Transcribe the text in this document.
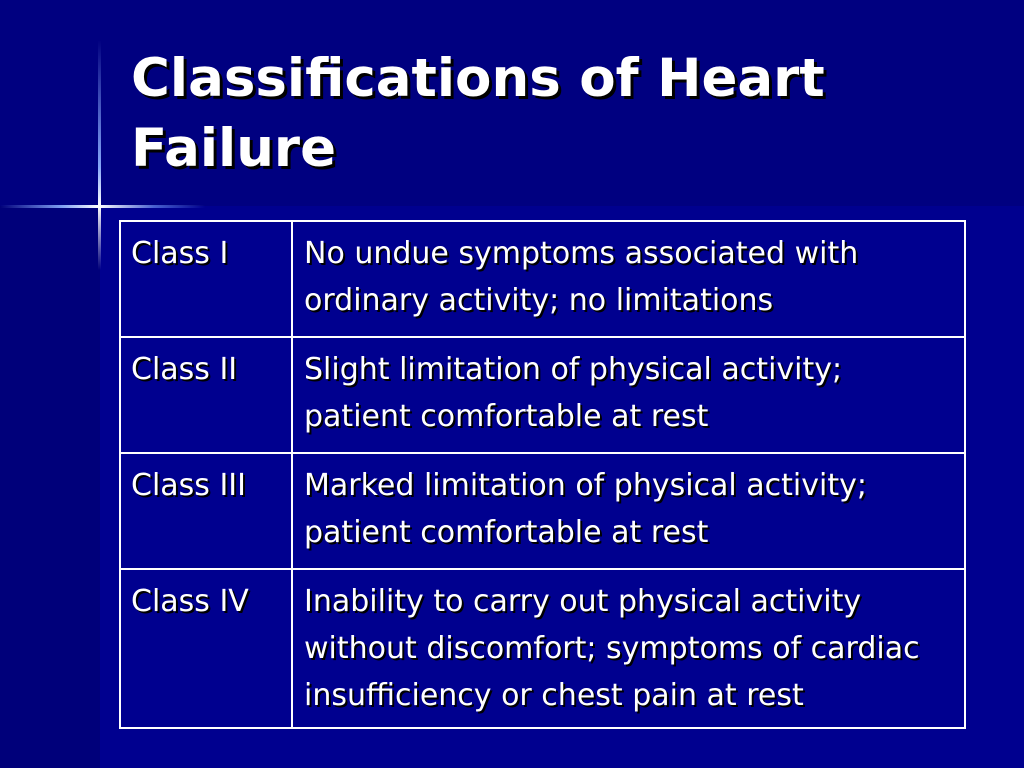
Classifications of Heart Failure
Class I	No undue symptoms associated with ordinary activity; no limitations
Class II	Slight limitation of physical activity; patient comfortable at rest
Class III	Marked limitation of physical activity; patient comfortable at rest
Class IV	Inability to carry out physical activity without discomfort; symptoms of cardiac insufficiency or chest pain at rest
